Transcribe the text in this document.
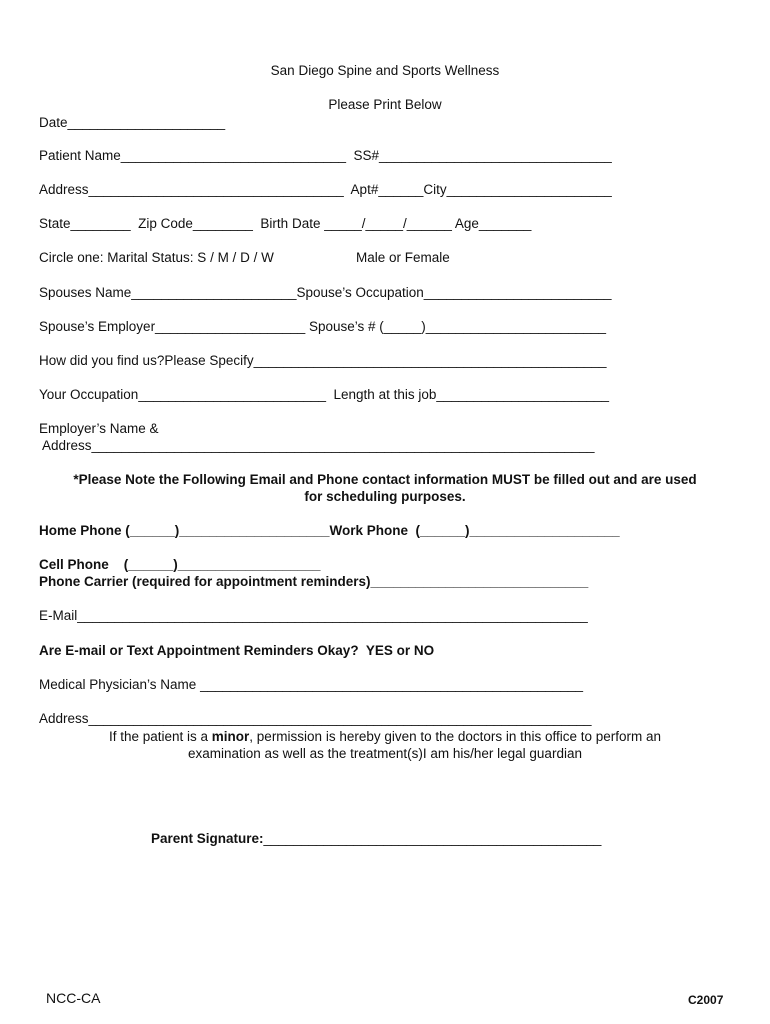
San Diego Spine and Sports Wellness
Please Print Below
Date_____________________
Patient Name______________________________  SS#_______________________________
Address__________________________________  Apt#______City______________________
State________  Zip Code________  Birth Date _____/_____/______ Age_______
Circle one: Marital Status: S / M / D / W	Male or Female
Spouses Name______________________Spouse’s Occupation_________________________
Spouse’s Employer____________________ Spouse’s # (_____)________________________
How did you find us?Please Specify_______________________________________________
Your Occupation_________________________  Length at this job_______________________
Employer’s Name &
Address___________________________________________________________________
*Please Note the Following Email and Phone contact information MUST be filled out and are used
for scheduling purposes.
Home Phone (______)____________________Work Phone  (______)____________________
Cell Phone    (______)___________________
Phone Carrier (required for appointment reminders)_____________________________
E-Mail____________________________________________________________________
Are E-mail or Text Appointment Reminders Okay?  YES or NO
Medical Physician’s Name ___________________________________________________
Address___________________________________________________________________
If the patient is a minor, permission is hereby given to the doctors in this office to perform an
examination as well as the treatment(s)I am his/her legal guardian
Parent Signature:_____________________________________________
NCC-CA	C2007
